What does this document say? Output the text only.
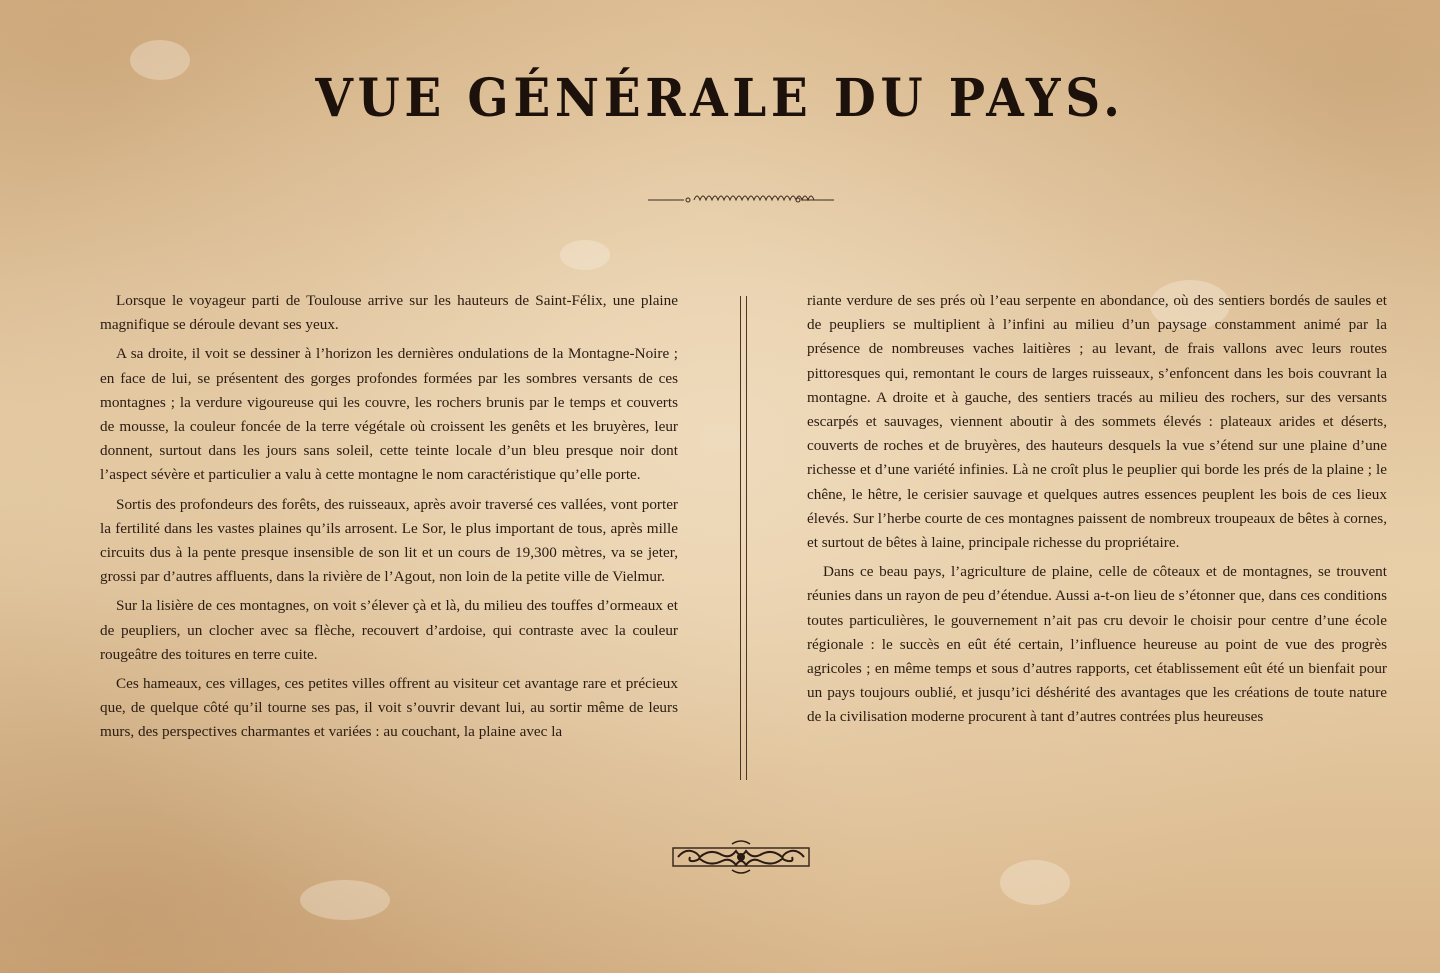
VUE GÉNÉRALE DU PAYS.

Lorsque le voyageur parti de Toulouse arrive sur les hauteurs de Saint-Félix, une plaine magnifique se déroule devant ses yeux.

A sa droite, il voit se dessiner à l’horizon les dernières ondulations de la Montagne-Noire ; en face de lui, se présentent des gorges profondes formées par les sombres versants de ces montagnes ; la verdure vigoureuse qui les couvre, les rochers brunis par le temps et couverts de mousse, la couleur foncée de la terre végétale où croissent les genêts et les bruyères, leur donnent, surtout dans les jours sans soleil, cette teinte locale d’un bleu presque noir dont l’aspect sévère et particulier a valu à cette montagne le nom caractéristique qu’elle porte.

Sortis des profondeurs des forêts, des ruisseaux, après avoir traversé ces vallées, vont porter la fertilité dans les vastes plaines qu’ils arrosent. Le Sor, le plus important de tous, après mille circuits dus à la pente presque insensible de son lit et un cours de 19,300 mètres, va se jeter, grossi par d’autres affluents, dans la rivière de l’Agout, non loin de la petite ville de Vielmur.

Sur la lisière de ces montagnes, on voit s’élever çà et là, du milieu des touffes d’ormeaux et de peupliers, un clocher avec sa flèche, recouvert d’ardoise, qui contraste avec la couleur rougeâtre des toitures en terre cuite.

Ces hameaux, ces villages, ces petites villes offrent au visiteur cet avantage rare et précieux que, de quelque côté qu’il tourne ses pas, il voit s’ouvrir devant lui, au sortir même de leurs murs, des perspectives charmantes et variées : au couchant, la plaine avec la

riante verdure de ses prés où l’eau serpente en abondance, où des sentiers bordés de saules et de peupliers se multiplient à l’infini au milieu d’un paysage constamment animé par la présence de nombreuses vaches laitières ; au levant, de frais vallons avec leurs routes pittoresques qui, remontant le cours de larges ruisseaux, s’enfoncent dans les bois couvrant la montagne. A droite et à gauche, des sentiers tracés au milieu des rochers, sur des versants escarpés et sauvages, viennent aboutir à des sommets élevés : plateaux arides et déserts, couverts de roches et de bruyères, des hauteurs desquels la vue s’étend sur une plaine d’une richesse et d’une variété infinies. Là ne croît plus le peuplier qui borde les prés de la plaine ; le chêne, le hêtre, le cerisier sauvage et quelques autres essences peuplent les bois de ces lieux élevés. Sur l’herbe courte de ces montagnes paissent de nombreux troupeaux de bêtes à cornes, et surtout de bêtes à laine, principale richesse du propriétaire.

Dans ce beau pays, l’agriculture de plaine, celle de côteaux et de montagnes, se trouvent réunies dans un rayon de peu d’étendue. Aussi a-t-on lieu de s’étonner que, dans ces conditions toutes particulières, le gouvernement n’ait pas cru devoir le choisir pour centre d’une école régionale : le succès en eût été certain, l’influence heureuse au point de vue des progrès agricoles ; en même temps et sous d’autres rapports, cet établissement eût été un bienfait pour un pays toujours oublié, et jusqu’ici déshérité des avantages que les créations de toute nature de la civilisation moderne procurent à tant d’autres contrées plus heureuses
